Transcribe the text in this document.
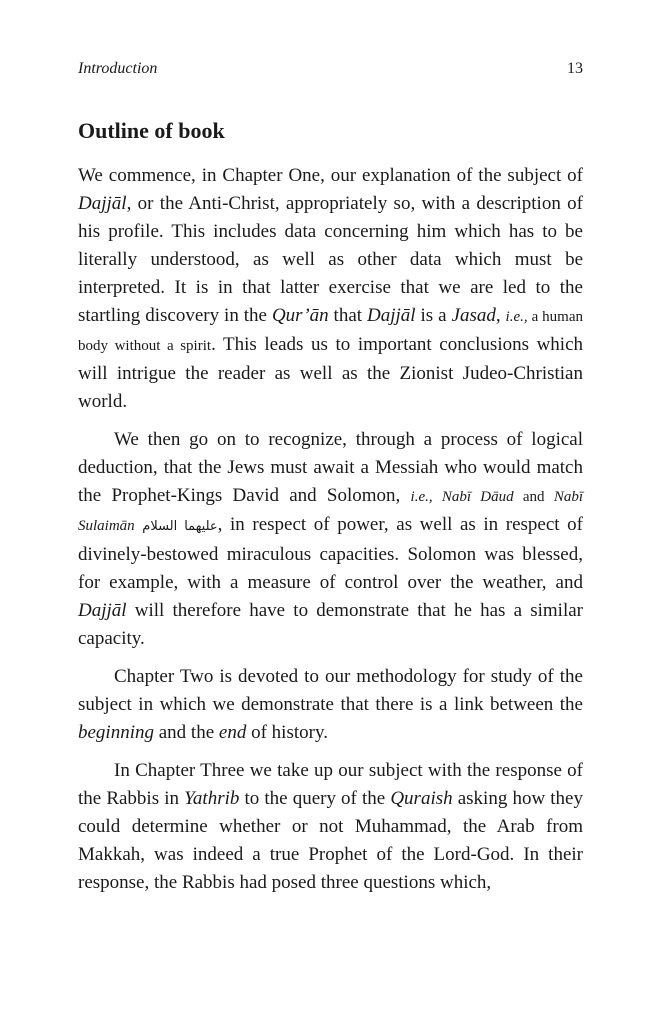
Introduction	13
Outline of book

We commence, in Chapter One, our explanation of the subject of Dajjāl, or the Anti-Christ, appropriately so, with a description of his profile. This includes data concerning him which has to be literally understood, as well as other data which must be interpreted. It is in that latter exercise that we are led to the startling discovery in the Qur’ān that Dajjāl is a Jasad, i.e., a human body without a spirit. This leads us to important conclusions which will intrigue the reader as well as the Zionist Judeo-Christian world.

We then go on to recognize, through a process of logical deduction, that the Jews must await a Messiah who would match the Prophet-Kings David and Solomon, i.e., Nabī Dāud and Nabī Sulaimān عليهما السلام, in respect of power, as well as in respect of divinely-bestowed miraculous capacities. Solomon was blessed, for example, with a measure of control over the weather, and Dajjāl will therefore have to demonstrate that he has a similar capacity.

Chapter Two is devoted to our methodology for study of the subject in which we demonstrate that there is a link between the beginning and the end of history.

In Chapter Three we take up our subject with the response of the Rabbis in Yathrib to the query of the Quraish asking how they could determine whether or not Muhammad, the Arab from Makkah, was indeed a true Prophet of the Lord-God. In their response, the Rabbis had posed three questions which,
